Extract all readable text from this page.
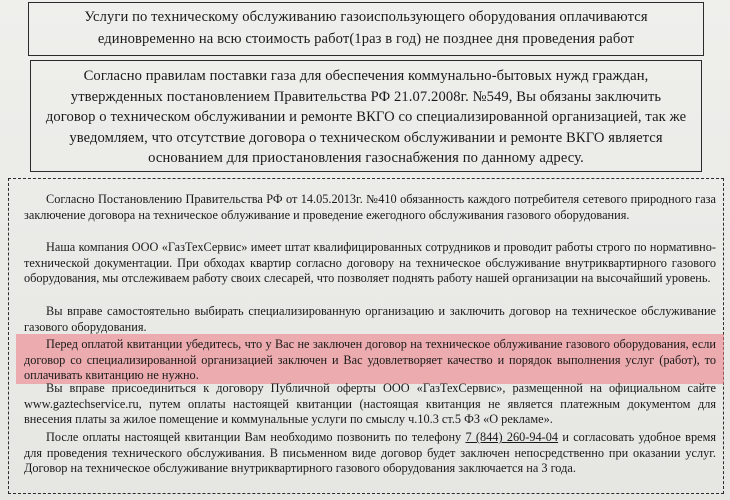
Услуги по техническому обслуживанию газоиспользующего оборудования оплачиваются
единовременно на всю стоимость работ(1раз в год) не позднее дня проведения работ
Согласно правилам поставки газа для обеспечения коммунально-бытовых нужд граждан,
утвержденных постановлением Правительства РФ 21.07.2008г. №549, Вы обязаны заключить
договор о техническом обслуживании и ремонте ВКГО со специализированной организацией, так же
уведомляем, что отсутствие договора о техническом обслуживании и ремонте ВКГО является
основанием для приостановления газоснабжения по данному адресу.

Согласно Постановлению Правительства РФ от 14.05.2013г. №410 обязанность каждого потребителя сетевого природного газа заключение договора на техническое облуживание и проведение ежегодного обслуживания газового оборудования.

Наша компания ООО «ГазТехСервис» имеет штат квалифицированных сотрудников и проводит работы строго по нормативно-технической документации. При обходах квартир согласно договору на техническое обслуживание внутриквартирного газового оборудования, мы отслеживаем работу своих слесарей, что позволяет поднять работу нашей организации на высочайший уровень.

Вы вправе самостоятельно выбирать специализированную организацию и заключить договор на техническое обслуживание газового оборудования.

Перед оплатой квитанции убедитесь, что у Вас не заключен договор на техническое облуживание газового оборудования, если договор со специализированной организацией заключен и Вас удовлетворяет качество и порядок выполнения услуг (работ), то оплачивать квитанцию не нужно.

Вы вправе присоединиться к договору Публичной оферты ООО «ГазТехСервис», размещенной на официальном сайте www.gaztechservice.ru, путем оплаты настоящей квитанции (настоящая квитанция не является платежным документом для внесения платы за жилое помещение и коммунальные услуги по смыслу ч.10.3 ст.5 ФЗ «О рекламе».

После оплаты настоящей квитанции Вам необходимо позвонить по телефону 7 (844) 260-94-04 и согласовать удобное время для проведения технического обслуживания. В письменном виде договор будет заключен непосредственно при оказании услуг. Договор на техническое обслуживание внутриквартирного газового оборудования заключается на 3 года.
